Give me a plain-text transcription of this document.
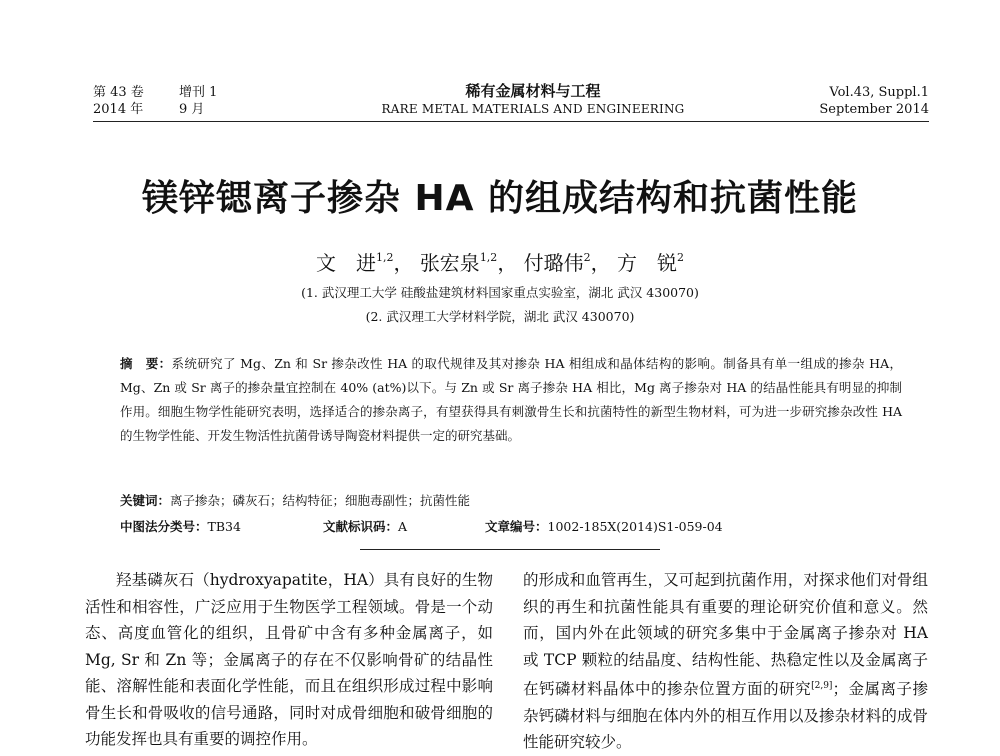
第 43 卷	增刊 1
2014 年	9 月
稀有金属材料与工程
RARE METAL MATERIALS AND ENGINEERING
Vol.43, Suppl.1
September 2014
镁锌锶离子掺杂 HA 的组成结构和抗菌性能
文　进$^{1,2}$， 张宏泉$^{1,2}$， 付璐伟$^2$， 方　锐$^2$
(1. 武汉理工大学 硅酸盐建筑材料国家重点实验室，湖北 武汉 430070)
(2. 武汉理工大学材料学院，湖北 武汉 430070)
摘　要：系统研究了 Mg、Zn 和 Sr 掺杂改性 HA 的取代规律及其对掺杂 HA 相组成和晶体结构的影响。制备具有单一组成的掺杂 HA，Mg、Zn 或 Sr 离子的掺杂量宜控制在 40% (at%)以下。与 Zn 或 Sr 离子掺杂 HA 相比，Mg 离子掺杂对 HA 的结晶性能具有明显的抑制作用。细胞生物学性能研究表明，选择适合的掺杂离子，有望获得具有刺激骨生长和抗菌特性的新型生物材料，可为进一步研究掺杂改性 HA 的生物学性能、开发生物活性抗菌骨诱导陶瓷材料提供一定的研究基础。
关键词：离子掺杂；磷灰石；结构特征；细胞毒副性；抗菌性能
中图法分类号：TB34	文献标识码：A	文章编号：1002-185X(2014)S1-059-04

羟基磷灰石（hydroxyapatite，HA）具有良好的生物活性和相容性，广泛应用于生物医学工程领域。骨是一个动态、高度血管化的组织，且骨矿中含有多种金属离子，如 Mg, Sr 和 Zn 等；金属离子的存在不仅影响骨矿的结晶性能、溶解性能和表面化学性能，而且在组织形成过程中影响骨生长和骨吸收的信号通路，同时对成骨细胞和破骨细胞的功能发挥也具有重要的调控作用。

的形成和血管再生，又可起到抗菌作用，对探求他们对骨组织的再生和抗菌性能具有重要的理论研究价值和意义。然而，国内外在此领域的研究多集中于金属离子掺杂对 HA 或 TCP 颗粒的结晶度、结构性能、热稳定性以及金属离子在钙磷材料晶体中的掺杂位置方面的研究[2,9]；金属离子掺杂钙磷材料与细胞在体内外的相互作用以及掺杂材料的成骨性能研究较少。
